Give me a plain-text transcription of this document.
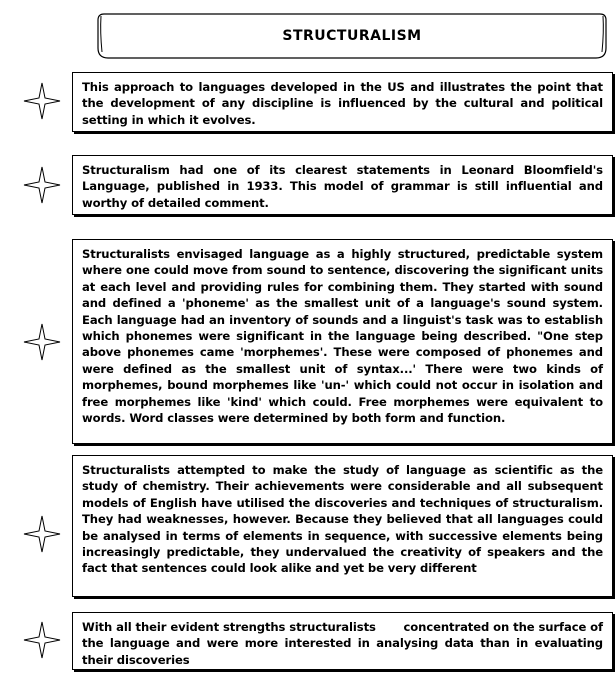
STRUCTURALISM

This approach to languages developed in the US and illustrates the point that the development of any discipline is influenced by the cultural and political setting in which it evolves.

Structuralism had one of its clearest statements in Leonard Bloomfield's Language, published in 1933. This model of grammar is still influential and worthy of detailed comment.

Structuralists envisaged language as a highly structured, predictable system where one could move from sound to sentence, discovering the significant units at each level and providing rules for combining them. They started with sound and defined a 'phoneme' as the smallest unit of a language's sound system. Each language had an inventory of sounds and a linguist's task was to establish which phonemes were significant in the language being described. "One step above phonemes came 'morphemes'. These were composed of phonemes and were defined as the smallest unit of syntax...' There were two kinds of morphemes, bound morphemes like 'un-' which could not occur in isolation and free morphemes like 'kind' which could. Free morphemes were equivalent to words. Word classes were determined by both form and function.

Structuralists attempted to make the study of language as scientific as the study of chemistry. Their achievements were considerable and all subsequent models of English have utilised the discoveries and techniques of structuralism. They had weaknesses, however. Because they believed that all languages could be analysed in terms of elements in sequence, with successive elements being increasingly predictable, they undervalued the creativity of speakers and the fact that sentences could look alike and yet be very different

With all their evident strengths structuralists       concentrated on the surface of the language and were more interested in analysing data than in evaluating their discoveries
